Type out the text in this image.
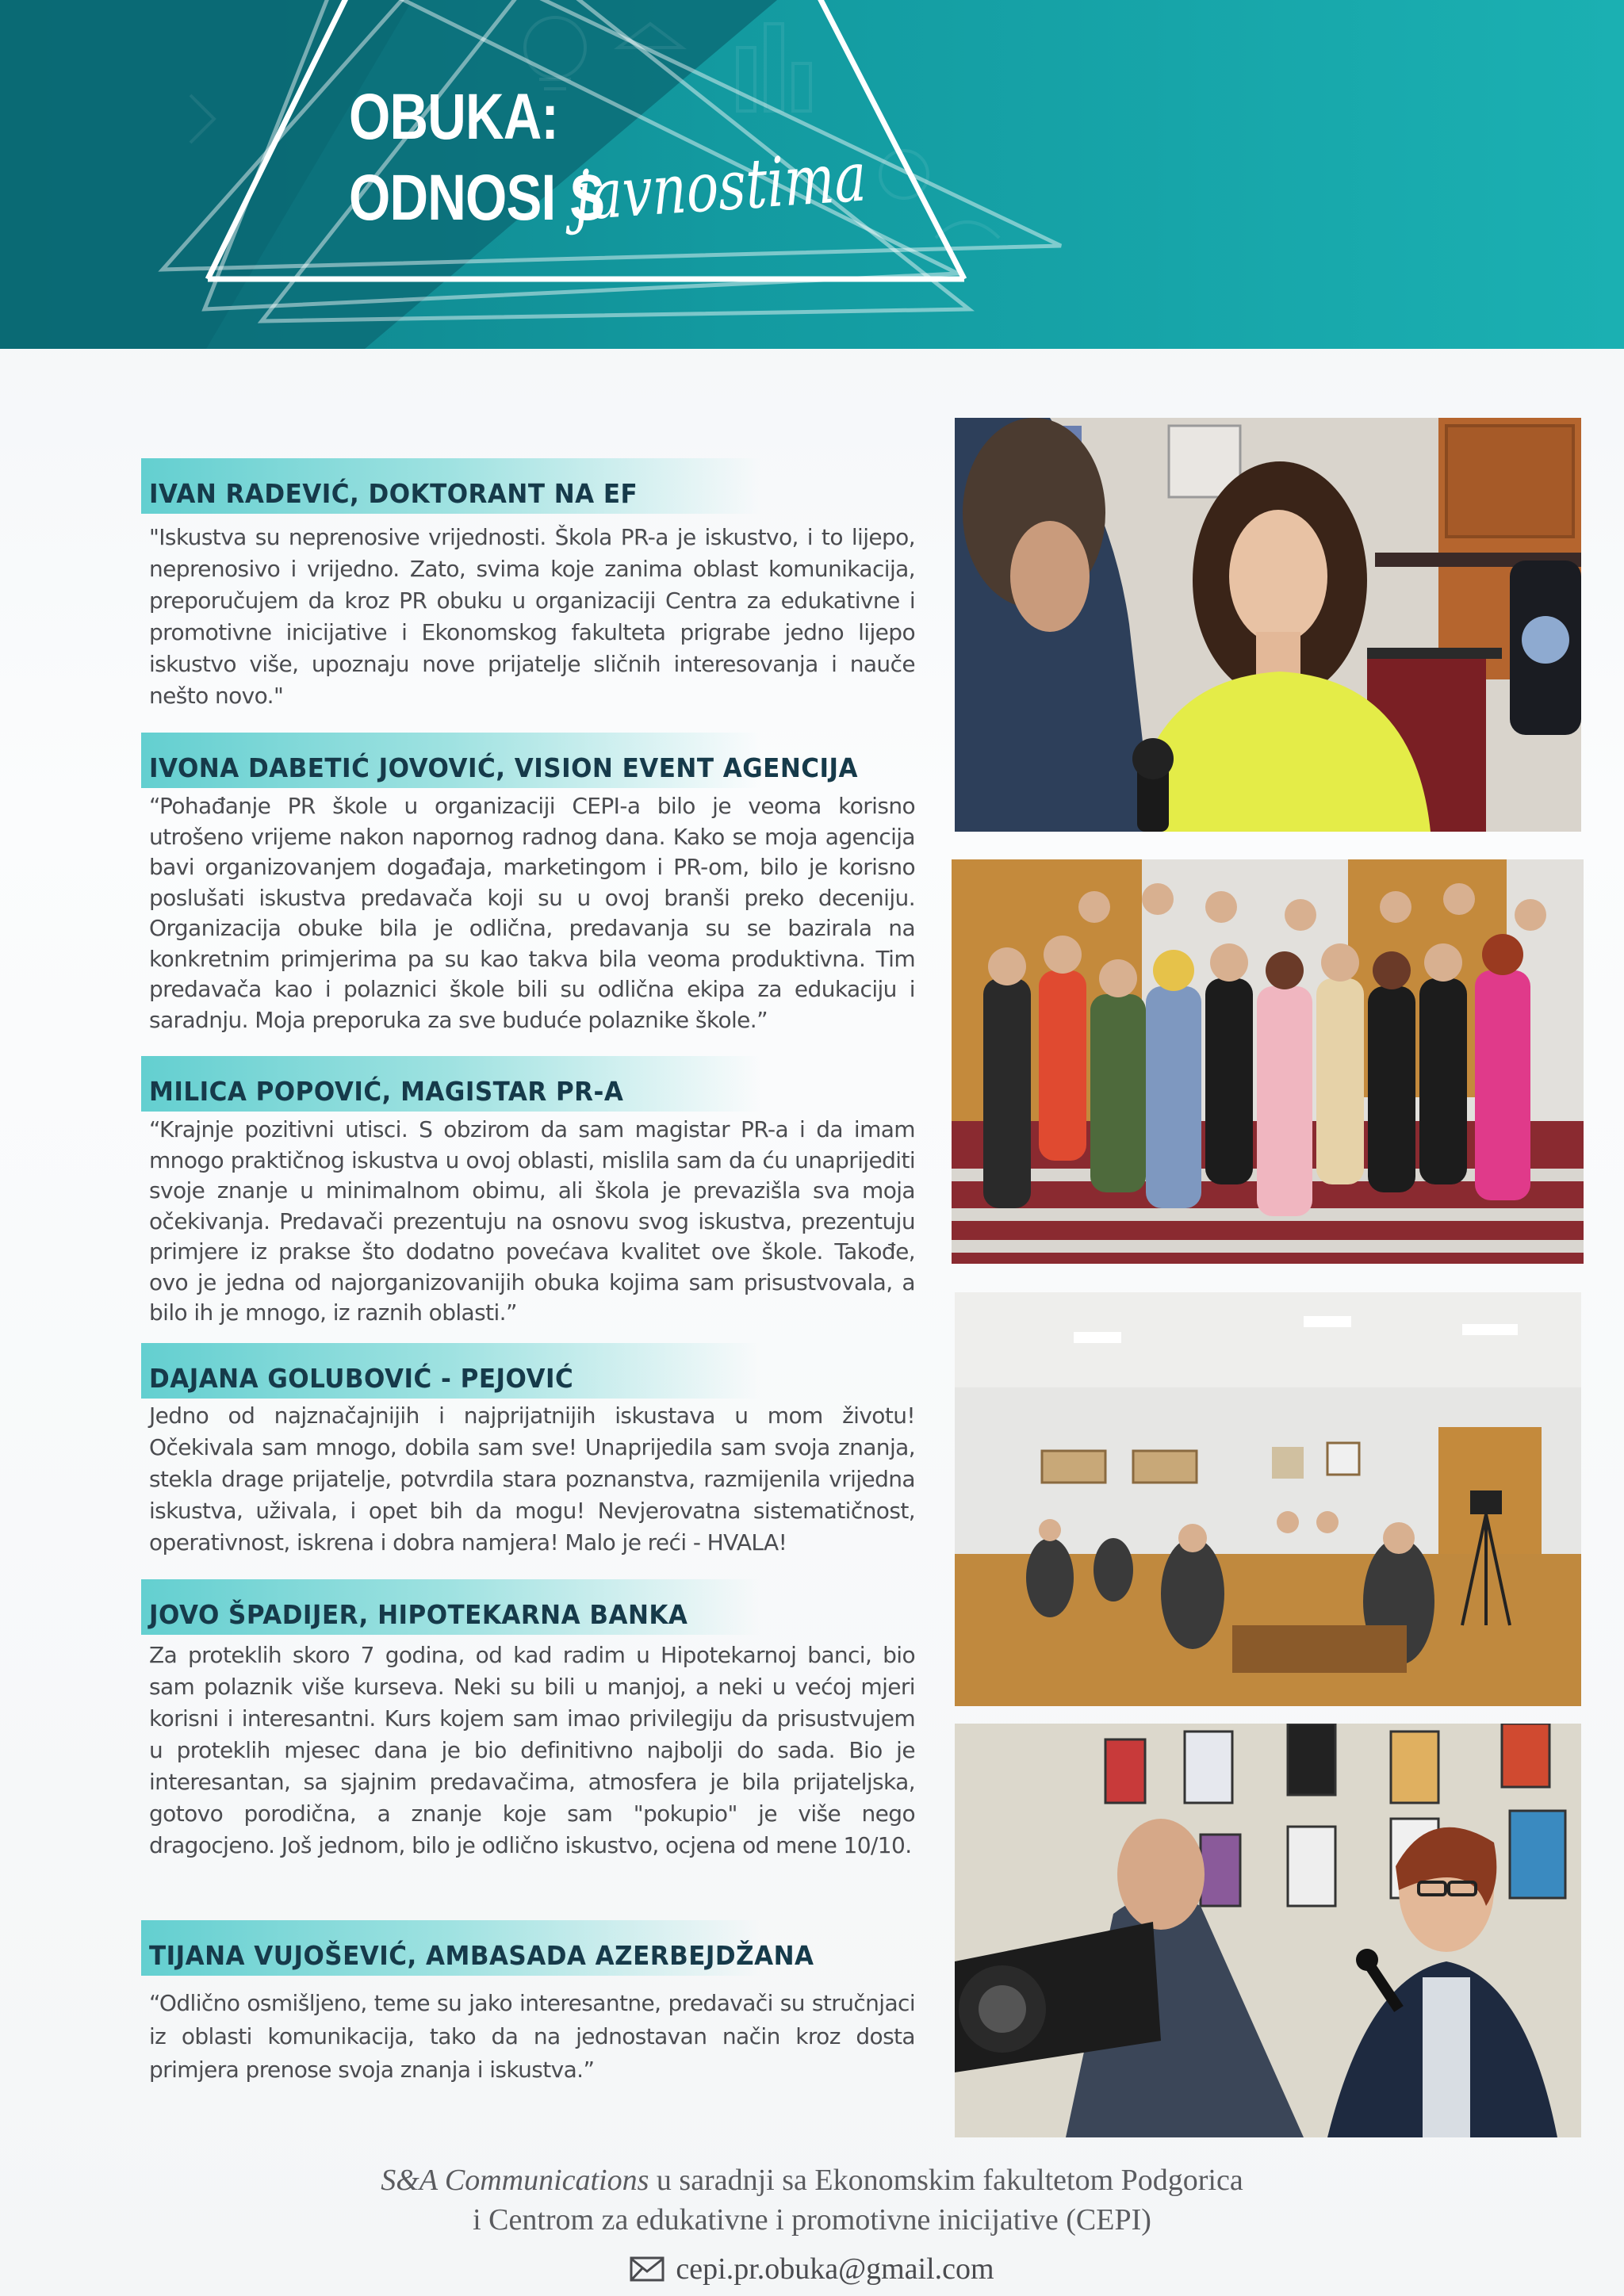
OBUKA:
ODNOSI S
javnostima
IVAN RADEVIĆ, DOKTORANT NA EF
"Iskustva su neprenosive vrijednosti. Škola PR-a je iskustvo, i to lijepo, neprenosivo i vrijedno. Zato, svima koje zanima oblast komunikacija, preporučujem da kroz PR obuku u organizaciji Centra za edukativne i promotivne inicijative i Ekonomskog fakulteta prigrabe jedno lijepo iskustvo više, upoznaju nove prijatelje sličnih interesovanja i nauče nešto novo."
IVONA DABETIĆ JOVOVIĆ, VISION EVENT AGENCIJA
“Pohađanje PR škole u organizaciji CEPI-a bilo je veoma korisno utrošeno vrijeme nakon napornog radnog dana. Kako se moja agencija bavi organizovanjem događaja, marketingom i PR-om, bilo je korisno poslušati iskustva predavača koji su u ovoj branši preko deceniju. Organizacija obuke bila je odlična, predavanja su se bazirala na konkretnim primjerima pa su kao takva bila veoma produktivna. Tim predavača kao i polaznici škole bili su odlična ekipa za edukaciju i saradnju. Moja preporuka za sve buduće polaznike škole.”
MILICA POPOVIĆ, MAGISTAR PR-A
“Krajnje pozitivni utisci. S obzirom da sam magistar PR-a i da imam mnogo praktičnog iskustva u ovoj oblasti, mislila sam da ću unaprijediti svoje znanje u minimalnom obimu, ali škola je prevazišla sva moja očekivanja. Predavači prezentuju na osnovu svog iskustva, prezentuju primjere iz prakse što dodatno povećava kvalitet ove škole. Takođe, ovo je jedna od najorganizovanijih obuka kojima sam prisustvovala, a bilo ih je mnogo, iz raznih oblasti.”
DAJANA GOLUBOVIĆ - PEJOVIĆ
Jedno od najznačajnijih i najprijatnijih iskustava u mom životu! Očekivala sam mnogo, dobila sam sve! Unaprijedila sam svoja znanja, stekla drage prijatelje, potvrdila stara poznanstva, razmijenila vrijedna iskustva, uživala, i opet bih da mogu! Nevjerovatna sistematičnost, operativnost, iskrena i dobra namjera! Malo je reći - HVALA!
JOVO ŠPADIJER, HIPOTEKARNA BANKA
Za proteklih skoro 7 godina, od kad radim u Hipotekarnoj banci, bio sam polaznik više kurseva. Neki su bili u manjoj, a neki u većoj mjeri korisni i interesantni. Kurs kojem sam imao privilegiju da prisustvujem u proteklih mjesec dana je bio definitivno najbolji do sada. Bio je interesantan, sa sjajnim predavačima, atmosfera je bila prijateljska, gotovo porodična, a znanje koje sam "pokupio" je više nego dragocjeno. Još jednom, bilo je odlično iskustvo, ocjena od mene 10/10.
TIJANA VUJOŠEVIĆ, AMBASADA AZERBEJDŽANA
“Odlično osmišljeno, teme su jako interesantne, predavači su stručnjaci iz oblasti komunikacija, tako da na jednostavan način kroz dosta primjera prenose svoja znanja i iskustva.”
S&A Communications u saradnji sa Ekonomskim fakultetom Podgorica
i Centrom za edukativne i promotivne inicijative (CEPI)
cepi.pr.obuka@gmail.com
